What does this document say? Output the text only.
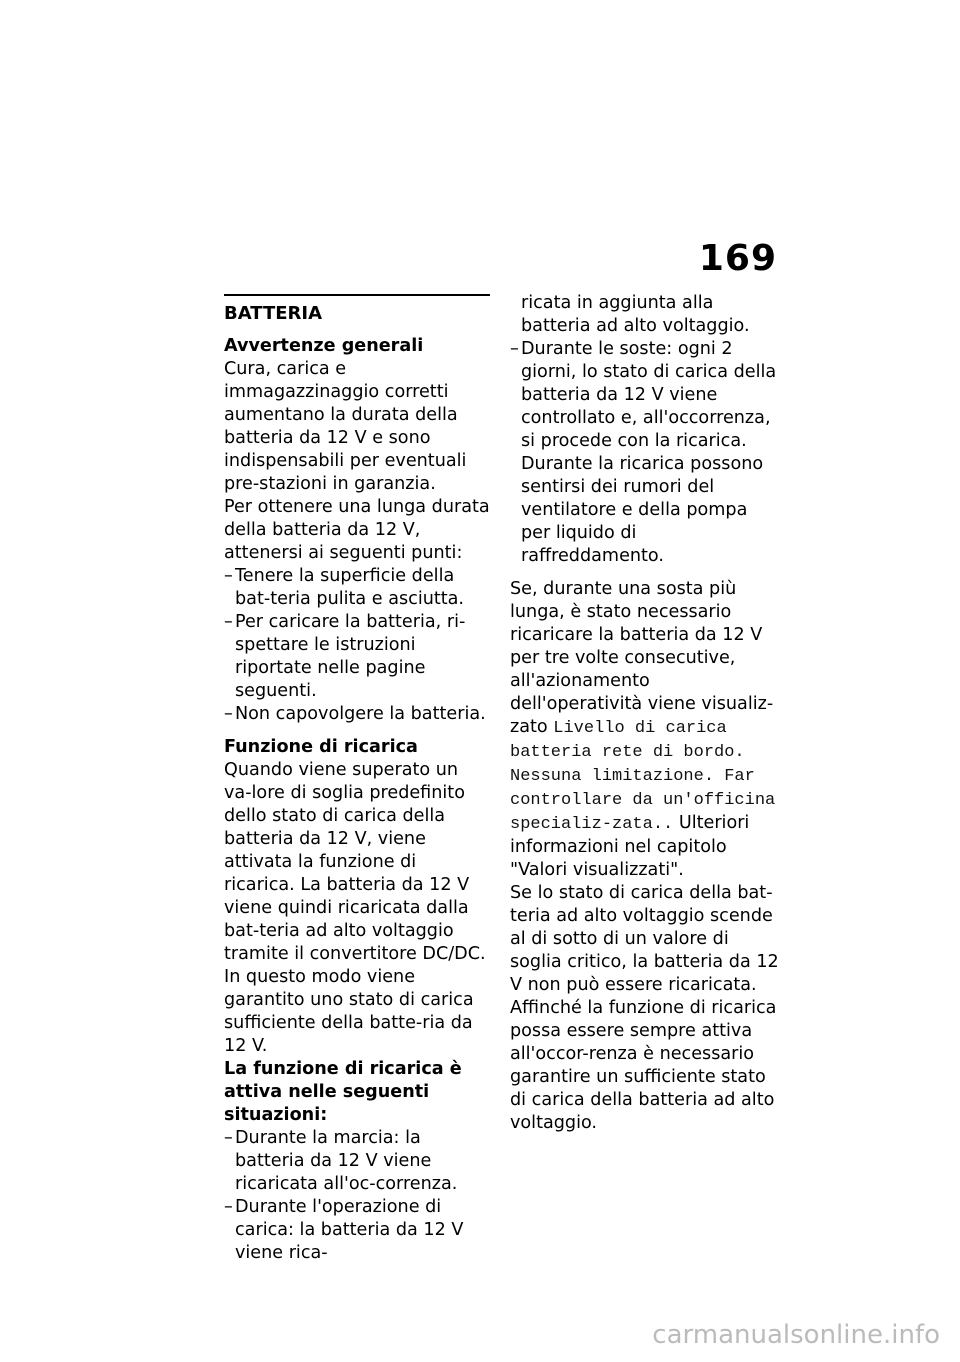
169
BATTERIA

Avvertenze generali

Cura, carica e immagazzinaggio corretti aumentano la durata della batteria da 12 V e sono indispensabili per eventuali pre-stazioni in garanzia.

Per ottenere una lunga durata della batteria da 12 V, attenersi ai seguenti punti:

– Tenere la superficie della bat-teria pulita e asciutta.
– Per caricare la batteria, ri-spettare le istruzioni riportate nelle pagine seguenti.
– Non capovolgere la batteria.

Funzione di ricarica

Quando viene superato un va-lore di soglia predefinito dello stato di carica della batteria da 12 V, viene attivata la funzione di ricarica. La batteria da 12 V viene quindi ricaricata dalla bat-teria ad alto voltaggio tramite il convertitore DC/DC. In questo modo viene garantito uno stato di carica sufficiente della batte-ria da 12 V.

La funzione di ricarica è attiva nelle seguenti situazioni:

– Durante la marcia: la batteria da 12 V viene ricaricata all'oc-correnza.
– Durante l'operazione di carica: la batteria da 12 V viene rica-

ricata in aggiunta alla batteria ad alto voltaggio.

– Durante le soste: ogni 2 giorni, lo stato di carica della batteria da 12 V viene controllato e, all'occorrenza, si procede con la ricarica. Durante la ricarica possono sentirsi dei rumori del ventilatore e della pompa per liquido di raffreddamento.

Se, durante una sosta più lunga, è stato necessario ricaricare la batteria da 12 V per tre volte consecutive, all'azionamento dell'operatività viene visualiz-zato Livello di carica batteria rete di bordo. Nessuna limitazione. Far controllare da un'officina specializ-zata.. Ulteriori informazioni nel capitolo "Valori visualizzati".

Se lo stato di carica della bat-teria ad alto voltaggio scende al di sotto di un valore di soglia critico, la batteria da 12 V non può essere ricaricata. Affinché la funzione di ricarica possa essere sempre attiva all'occor-renza è necessario garantire un sufficiente stato di carica della batteria ad alto voltaggio.

carmanualsonline.info
